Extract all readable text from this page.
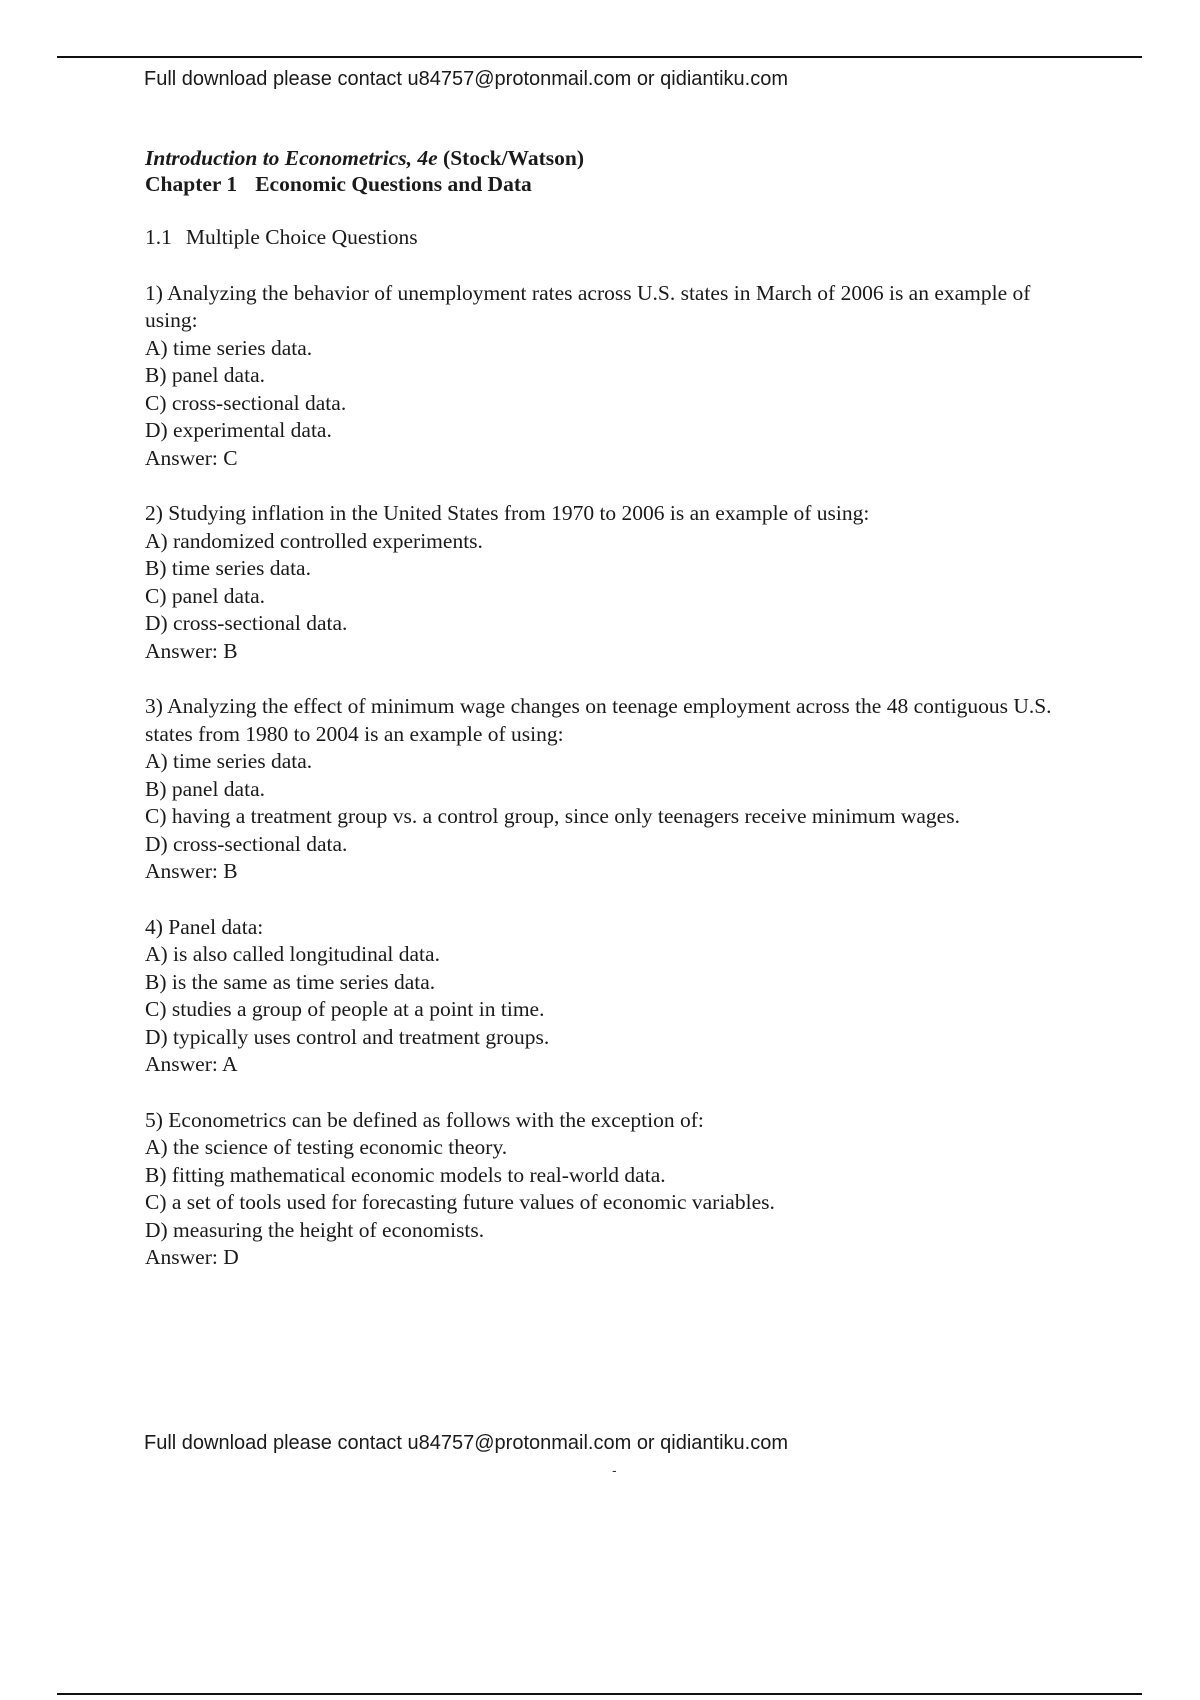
Full download please contact u84757@protonmail.com or qidiantiku.com
Introduction to Econometrics, 4e (Stock/Watson)
Chapter 1 Economic Questions and Data
1.1 Multiple Choice Questions
1) Analyzing the behavior of unemployment rates across U.S. states in March of 2006 is an example of using:
A) time series data.
B) panel data.
C) cross-sectional data.
D) experimental data.
Answer: C
2) Studying inflation in the United States from 1970 to 2006 is an example of using:
A) randomized controlled experiments.
B) time series data.
C) panel data.
D) cross-sectional data.
Answer: B
3) Analyzing the effect of minimum wage changes on teenage employment across the 48 contiguous U.S. states from 1980 to 2004 is an example of using:
A) time series data.
B) panel data.
C) having a treatment group vs. a control group, since only teenagers receive minimum wages.
D) cross-sectional data.
Answer: B
4) Panel data:
A) is also called longitudinal data.
B) is the same as time series data.
C) studies a group of people at a point in time.
D) typically uses control and treatment groups.
Answer: A
5) Econometrics can be defined as follows with the exception of:
A) the science of testing economic theory.
B) fitting mathematical economic models to real-world data.
C) a set of tools used for forecasting future values of economic variables.
D) measuring the height of economists.
Answer: D
Full download please contact u84757@protonmail.com or qidiantiku.com
-
